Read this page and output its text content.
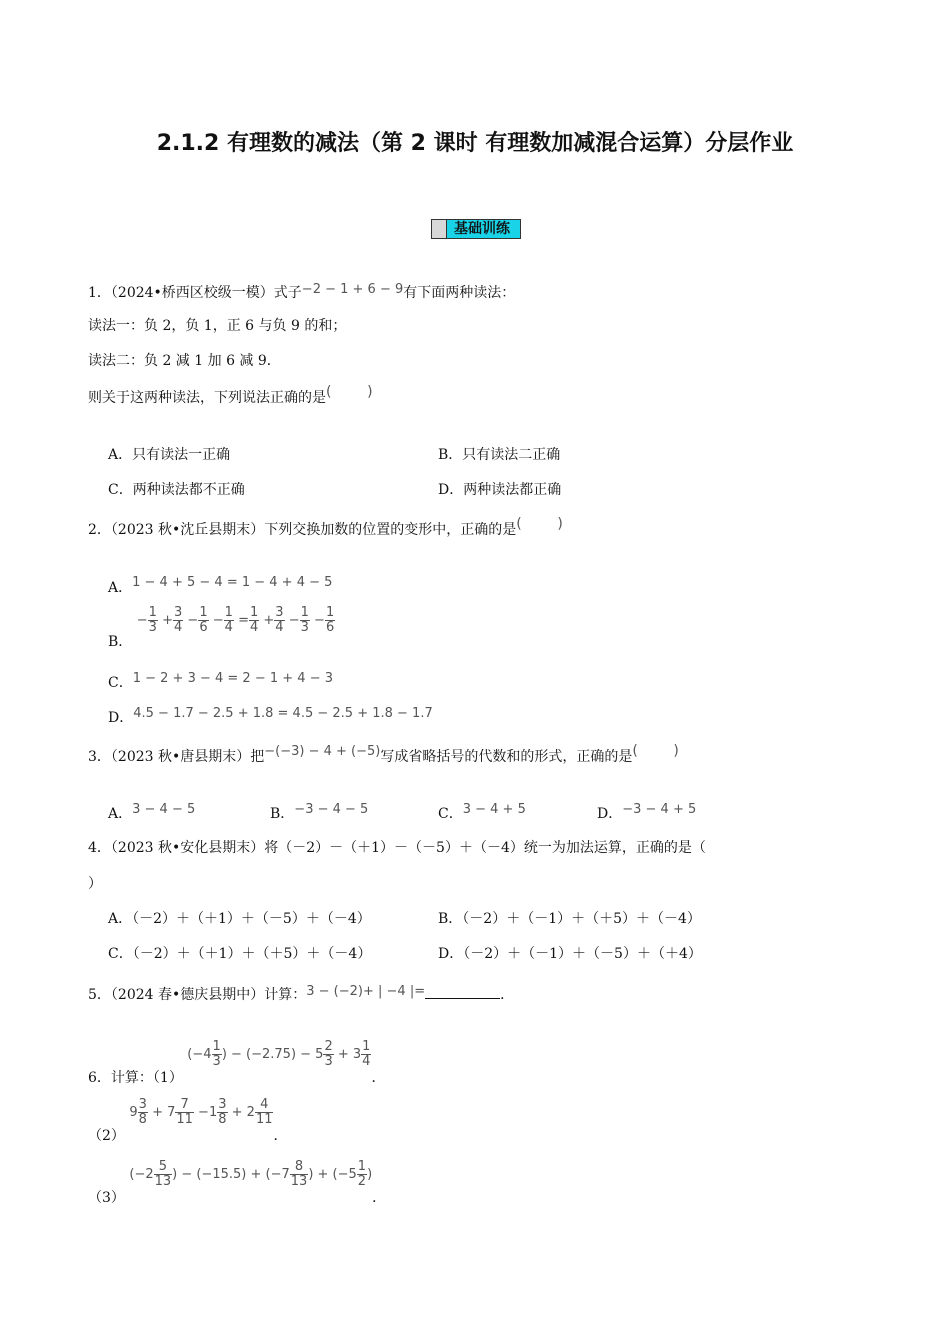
2.1.2 有理数的减法（第 2 课时 有理数加减混合运算）分层作业
基础训练
1．（2024•桥西区校级一模）式子−2 − 1 + 6 − 9有下面两种读法：
读法一：负 2，负 1，正 6 与负 9 的和；
读法二：负 2 减 1 加 6 减 9．
则关于这两种读法，下列说法正确的是(        )
A．只有读法一正确	B．只有读法二正确
C．两种读法都不正确	D．两种读法都正确
2．（2023 秋•沈丘县期末）下列交换加数的位置的变形中，正确的是(        )
A．1 − 4 + 5 − 4 = 1 − 4 + 4 − 5
B． − $\frac{1}{3} + \frac{3}{4} - \frac{1}{6} - \frac{1}{4} = \frac{1}{4} + \frac{3}{4} - \frac{1}{3} - \frac{1}{6}$
C．1 − 2 + 3 − 4 = 2 − 1 + 4 − 3
D．4.5 − 1.7 − 2.5 + 1.8 = 4.5 − 2.5 + 1.8 − 1.7
3．（2023 秋•唐县期末）把−(−3) − 4 + (−5)写成省略括号的代数和的形式，正确的是(        )
A．3 − 4 − 5	B．−3 − 4 − 5	C．3 − 4 + 5	D．−3 − 4 + 5
4．（2023 秋•安化县期末）将（－2）－（＋1）－（－5）＋（－4）统一为加法运算，正确的是（
）
A．（－2）＋（＋1）＋（－5）＋（－4）	B．（－2）＋（－1）＋（＋5）＋（－4）
C．（－2）＋（＋1）＋（＋5）＋（－4）	D．（－2）＋（－1）＋（－5）＋（＋4）
5．（2024 春•德庆县期中）计算：3 − (−2)+ | −4 |=	．
6．计算：（1） ($-4 \frac{1}{3}$ ) − $(-2.75) - 5 \frac{2}{3} + 3 \frac{1}{4}$
．
（2） $9 \frac{3}{8} + 7 \frac{7}{11} -1 \frac{3}{8} + 2 \frac{4}{11}$
．
（3） ($-2 \frac{5}{13}$ ) − $(-15.5) + (-7 \frac{8}{13}$ ) + ($-5 \frac{1}{2}$ )．
